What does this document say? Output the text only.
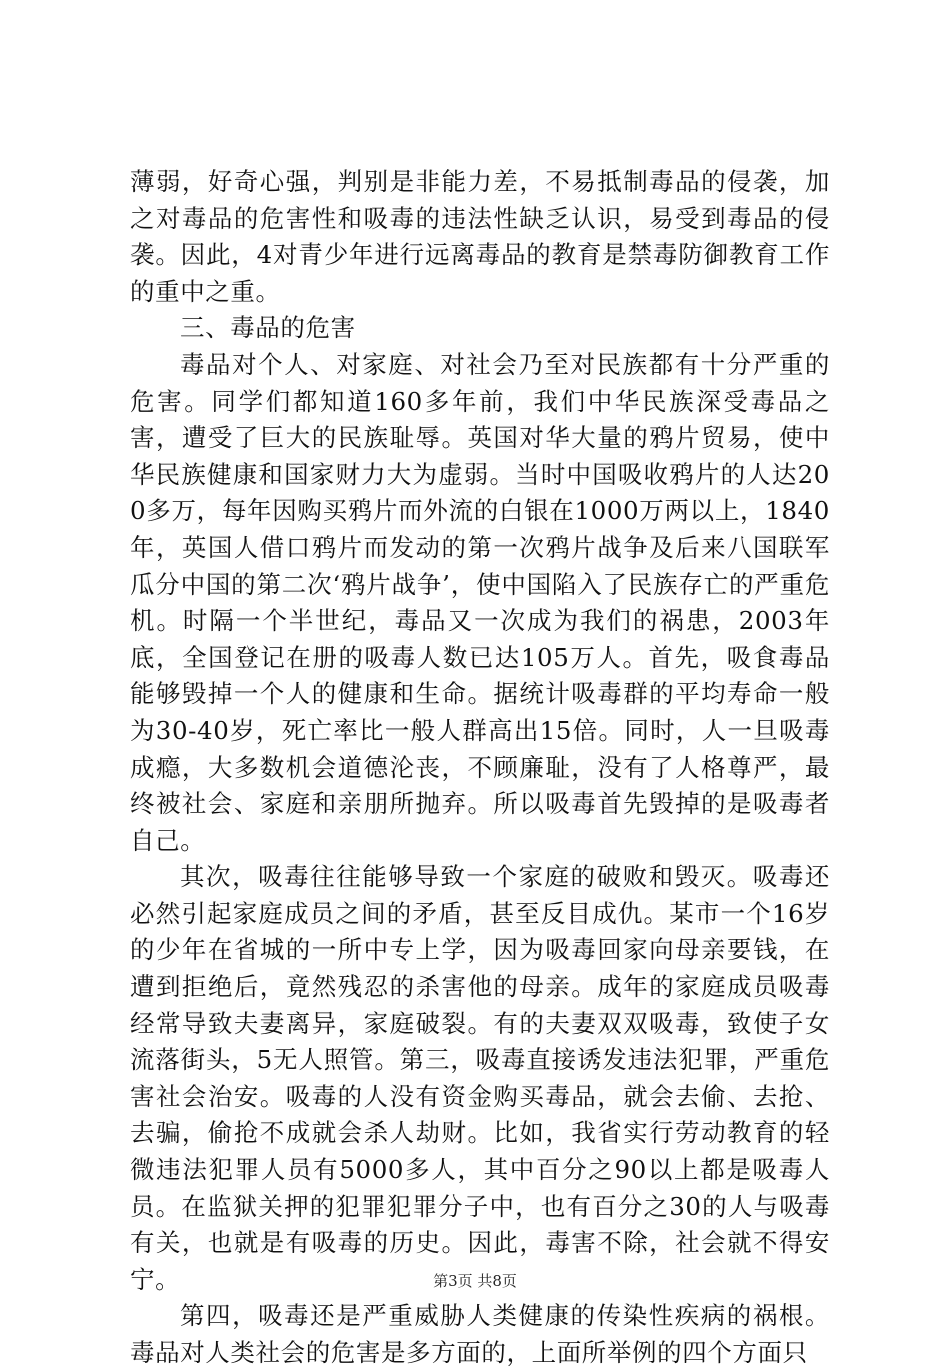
薄弱，好奇心强，判别是非能力差，不易抵制毒品的侵袭，加之对毒品的危害性和吸毒的违法性缺乏认识，易受到毒品的侵袭。因此，4对青少年进行远离毒品的教育是禁毒防御教育工作的重中之重。

三、毒品的危害

毒品对个人、对家庭、对社会乃至对民族都有十分严重的危害。同学们都知道160多年前，我们中华民族深受毒品之害，遭受了巨大的民族耻辱。英国对华大量的鸦片贸易，使中华民族健康和国家财力大为虚弱。当时中国吸收鸦片的人达200多万，每年因购买鸦片而外流的白银在1000万两以上，1840年，英国人借口鸦片而发动的第一次鸦片战争及后来八国联军瓜分中国的第二次‘鸦片战争’，使中国陷入了民族存亡的严重危机。时隔一个半世纪，毒品又一次成为我们的祸患，2003年底，全国登记在册的吸毒人数已达105万人。首先，吸食毒品能够毁掉一个人的健康和生命。据统计吸毒群的平均寿命一般为30-40岁，死亡率比一般人群高出15倍。同时，人一旦吸毒成瘾，大多数机会道德沦丧，不顾廉耻，没有了人格尊严，最终被社会、家庭和亲朋所抛弃。所以吸毒首先毁掉的是吸毒者自己。

其次，吸毒往往能够导致一个家庭的破败和毁灭。吸毒还必然引起家庭成员之间的矛盾，甚至反目成仇。某市一个16岁的少年在省城的一所中专上学，因为吸毒回家向母亲要钱，在遭到拒绝后，竟然残忍的杀害他的母亲。成年的家庭成员吸毒经常导致夫妻离异，家庭破裂。有的夫妻双双吸毒，致使子女流落街头，5无人照管。第三，吸毒直接诱发违法犯罪，严重危害社会治安。吸毒的人没有资金购买毒品，就会去偷、去抢、去骗，偷抢不成就会杀人劫财。比如，我省实行劳动教育的轻微违法犯罪人员有5000多人，其中百分之90以上都是吸毒人员。在监狱关押的犯罪犯罪分子中，也有百分之30的人与吸毒有关，也就是有吸毒的历史。因此，毒害不除，社会就不得安宁。

第四，吸毒还是严重威胁人类健康的传染性疾病的祸根。毒品对人类社会的危害是多方面的，上面所举例的四个方面只

第3页 共8页
